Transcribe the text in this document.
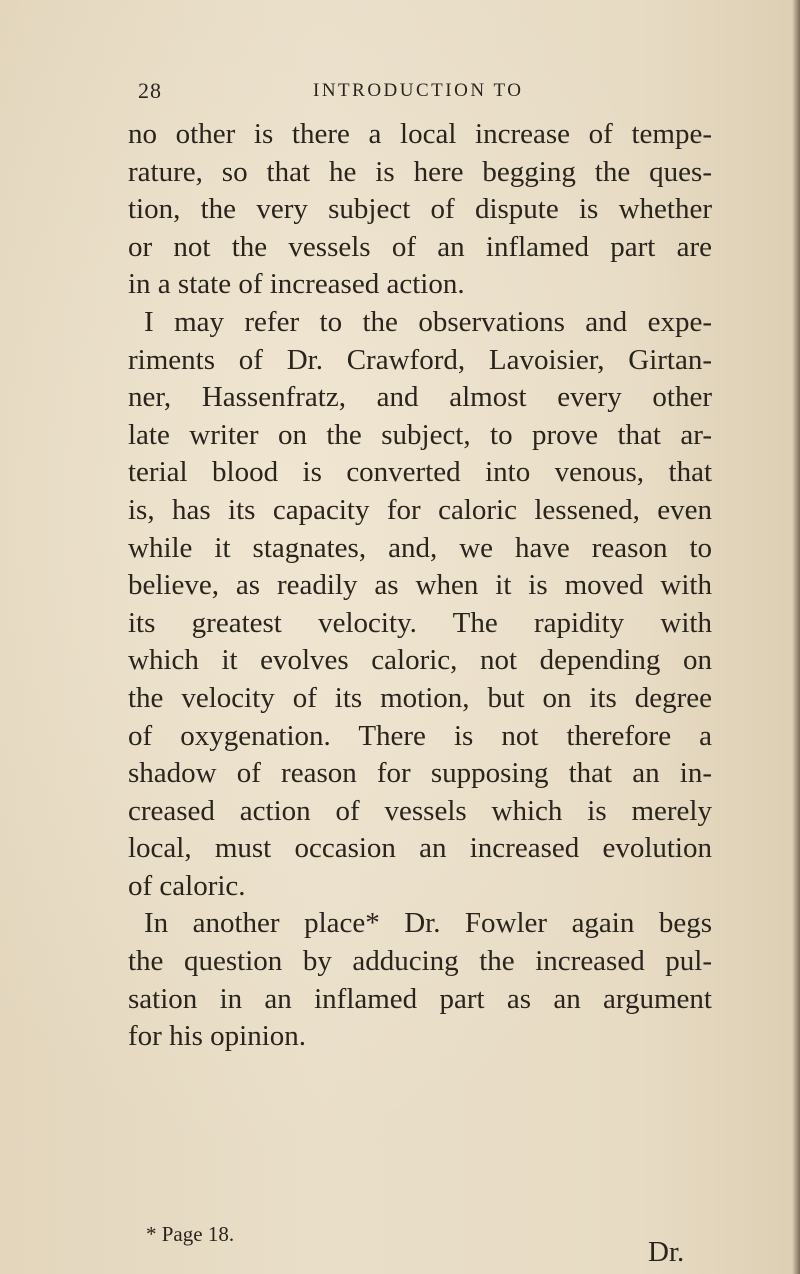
28	INTRODUCTION TO
no other is there a local increase of tempe-
rature, so that he is here begging the ques-
tion, the very subject of dispute is whether
or not the vessels of an inflamed part are
in a state of increased action.
I may refer to the observations and expe-
riments of Dr. Crawford, Lavoisier, Girtan-
ner, Hassenfratz, and almost every other
late writer on the subject, to prove that ar-
terial blood is converted into venous, that
is, has its capacity for caloric lessened, even
while it stagnates, and, we have reason to
believe, as readily as when it is moved with
its greatest velocity. The rapidity with
which it evolves caloric, not depending on
the velocity of its motion, but on its degree
of oxygenation. There is not therefore a
shadow of reason for supposing that an in-
creased action of vessels which is merely
local, must occasion an increased evolution
of caloric.
In another place* Dr. Fowler again begs
the question by adducing the increased pul-
sation in an inflamed part as an argument
for his opinion.
* Page 18.
Dr.
